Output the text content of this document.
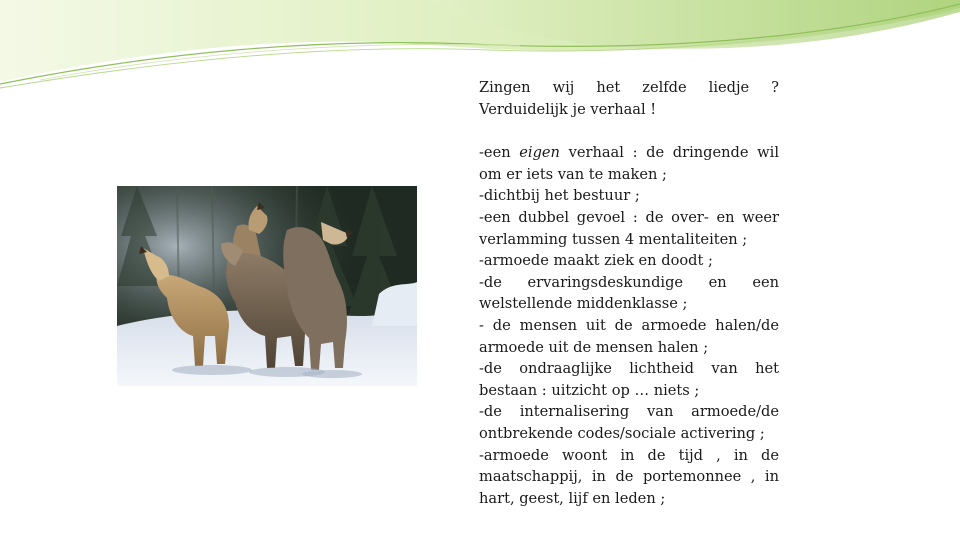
Zingen wij het zelfde liedje ?

Verduidelijk je verhaal !

-een eigen verhaal : de dringende wil om er iets van te maken ;

-dichtbij het bestuur ;

-een dubbel gevoel : de over- en weer verlamming tussen 4 mentaliteiten ;

-armoede maakt ziek en doodt ;

-de ervaringsdeskundige en een welstellende middenklasse ;

- de mensen uit de armoede halen/de armoede uit de mensen halen ;

-de ondraaglijke lichtheid van het bestaan : uitzicht op … niets ;

-de internalisering van armoede/de ontbrekende codes/sociale activering ;

-armoede woont in de tijd , in de maatschappij, in de portemonnee , in hart, geest, lijf en leden ;
